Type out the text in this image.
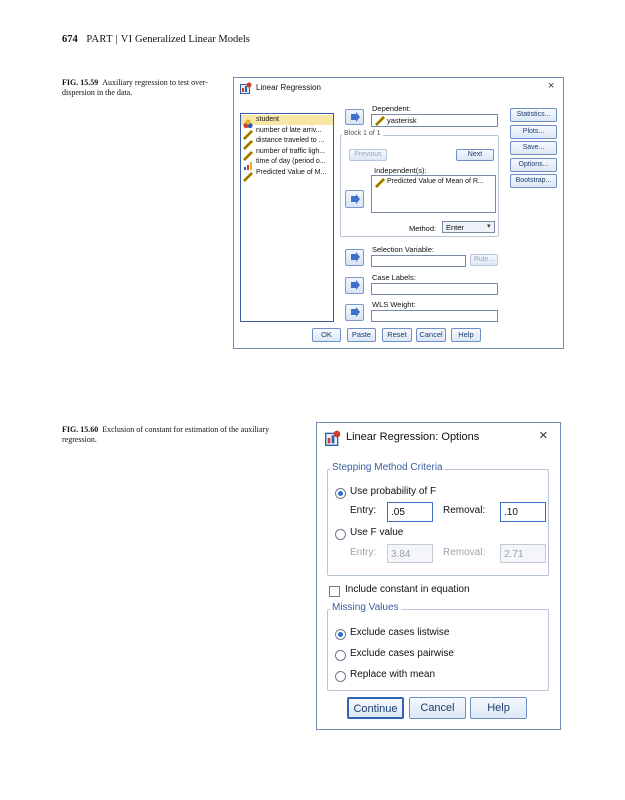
674 PART | VI Generalized Linear Models
FIG. 15.59 Auxiliary regression to test over-
dispersion in the data.
Linear Regression	×
student
number of late arriv...
distance traveled to ...
number of traffic ligh...
time of day (period o...
Predicted Value of M...
Dependent:
yasterisk
Block 1 of 1
Previous	Next
Independent(s):
Predicted Value of Mean of R...
Method: Enter	▾
Selection Variable:
Rule...
Case Labels:
WLS Weight:
Statistics...
Plots...
Save...
Options...
Bootstrap...
OK	Paste	Reset	Cancel	Help
FIG. 15.60 Exclusion of constant for estimation of the auxiliary
regression.	Linear Regression: Options	×
Stepping Method Criteria
Use probability of F
Entry: .05	Removal: .10
Use F value
Entry: 3.84	Removal: 2.71
Include constant in equation
Missing Values
Exclude cases listwise
Exclude cases pairwise
Replace with mean
Continue	Cancel	Help
